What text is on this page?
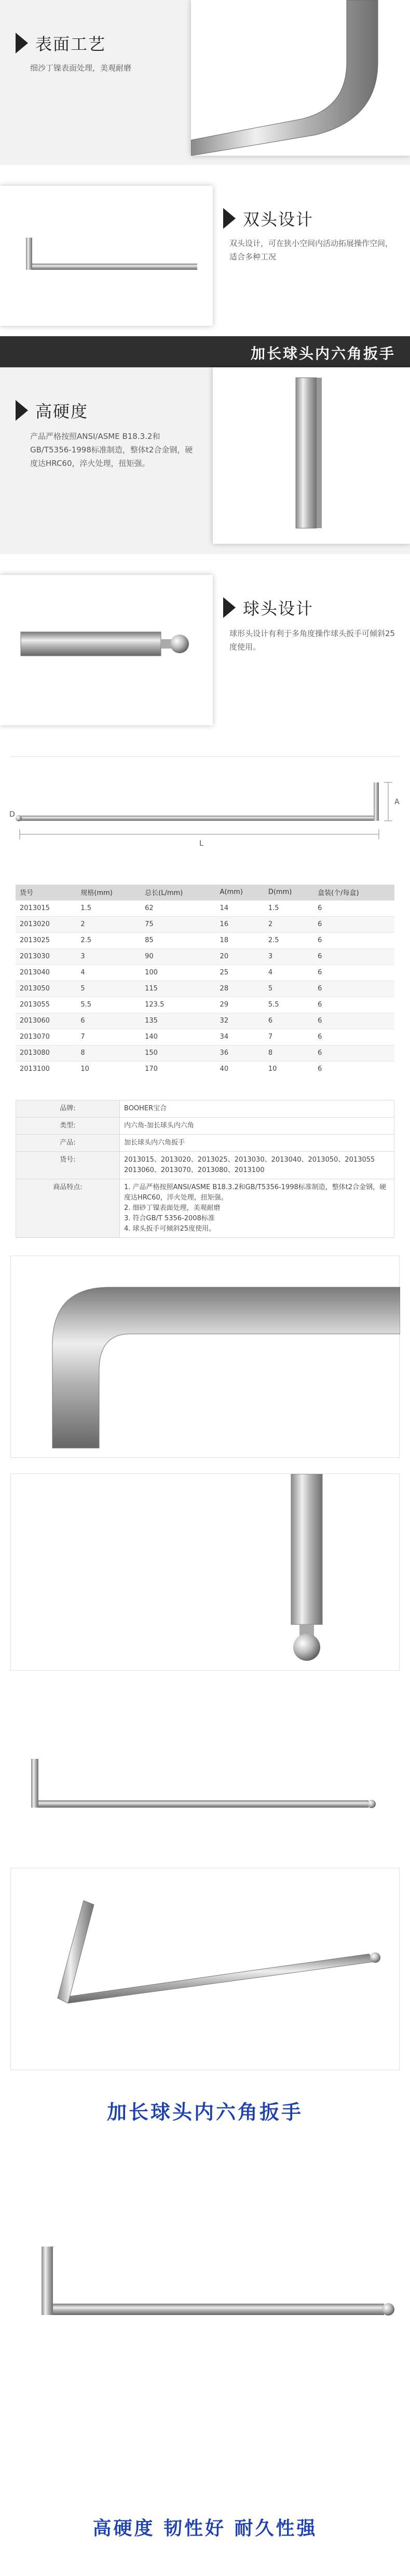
表面工艺
细沙丁镍表面处理，美观耐磨
双头设计
双头设计，可在狭小空间内活动拓展操作空间，适合多种工况
加长球头内六角扳手
高硬度
产品严格按照ANSI/ASME B18.3.2和GB/T5356-1998标准制造，整体t2合金钢，硬度达HRC60，淬火处理，扭矩强。
球头设计
球形头设计有利于多角度操作球头扳手可倾斜25度使用。
D
A
L
货号	规格(mm)	总长(L/mm)	A(mm)	D(mm)	盒装(个/每盒)
2013015	1.5	62	14	1.5	6
2013020	2	75	16	2	6
2013025	2.5	85	18	2.5	6
2013030	3	90	20	3	6
2013040	4	100	25	4	6
2013050	5	115	28	5	6
2013055	5.5	123.5	29	5.5	6
2013060	6	135	32	6	6
2013070	7	140	34	7	6
2013080	8	150	36	8	6
2013100	10	170	40	10	6
品牌:	BOOHER宝合
类型:	内六角-加长球头内六角
产品:	加长球头内六角扳手
货号:	2013015、2013020、2013025、2013030、2013040、2013050、2013055 2013060、2013070、2013080、2013100
商品特点:	1. 产品严格按照ANSI/ASME B18.3.2和GB/T5356-1998标准制造，整体t2合金钢，硬度达HRC60，淬火处理，扭矩强。
2. 细砂丁镍表面处理，美观耐磨
3. 符合GB/T 5356-2008标准
4. 球头扳手可倾斜25度使用。
加长球头内六角扳手
高硬度 韧性好 耐久性强
